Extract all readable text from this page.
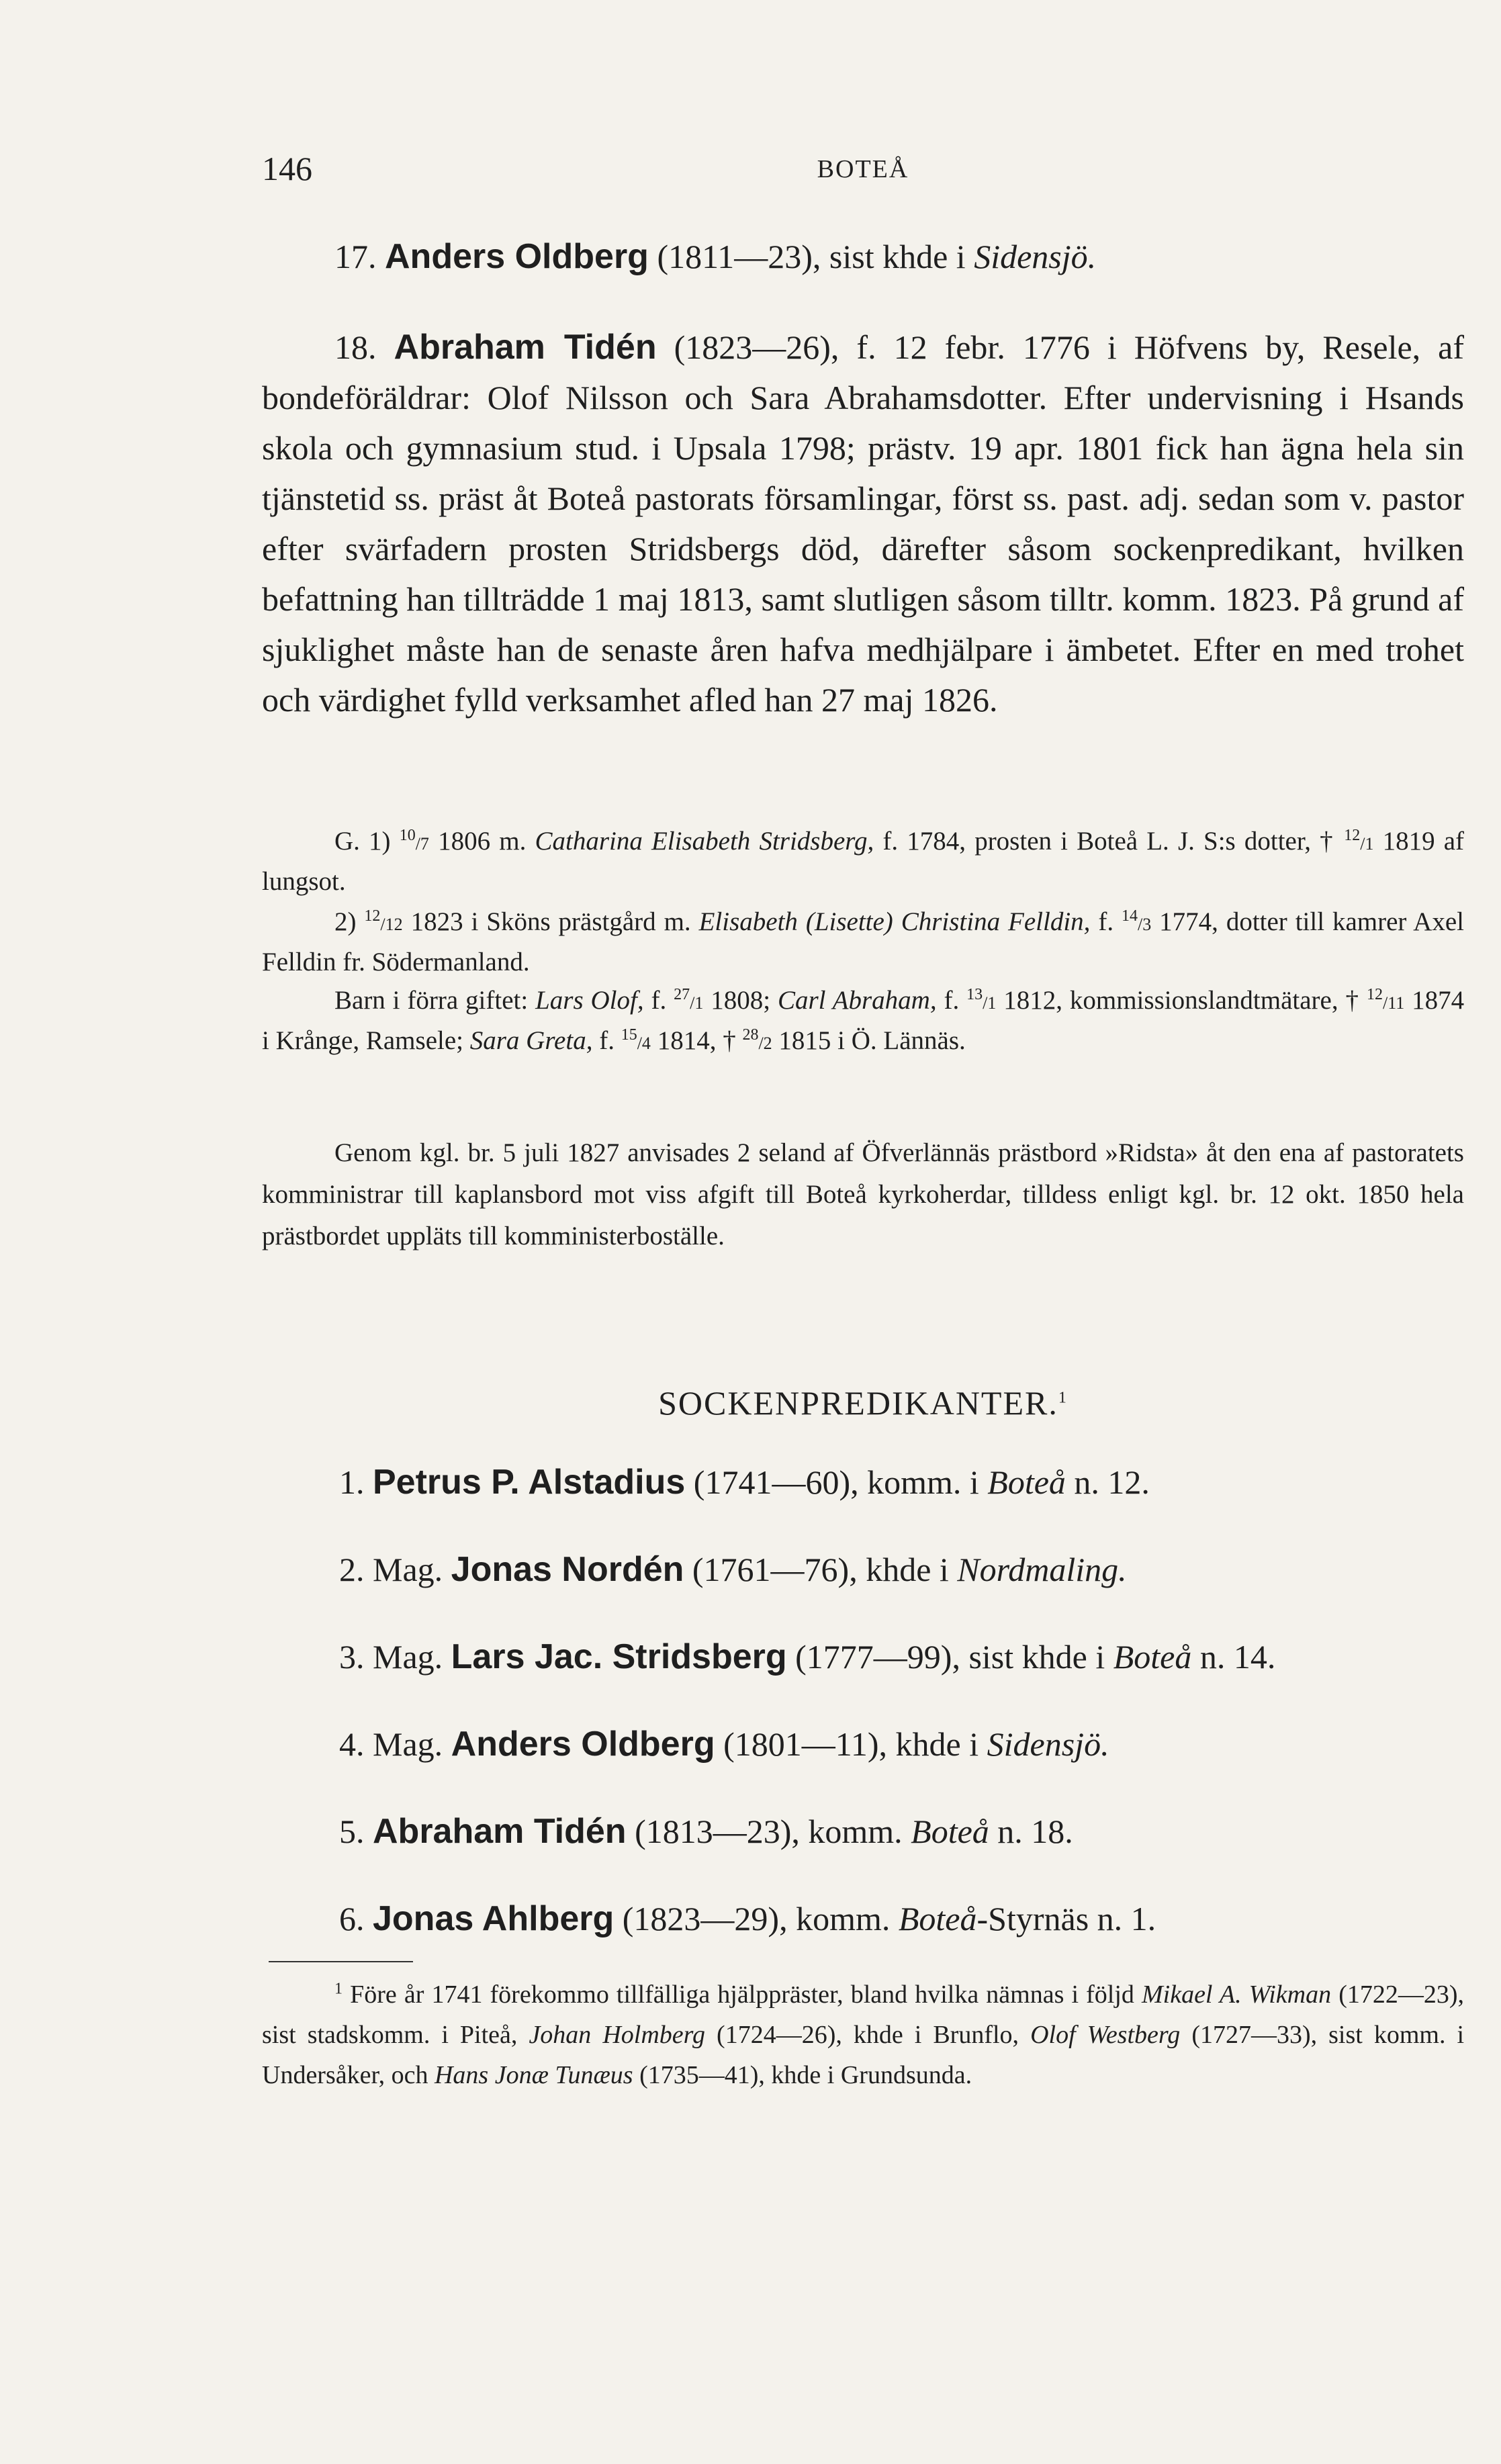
146	BOTEÅ
17. Anders Oldberg (1811—23), sist khde i Sidensjö.
18. Abraham Tidén (1823—26), f. 12 febr. 1776 i Höfvens by, Resele, af bondeföräldrar: Olof Nilsson och Sara Abrahamsdotter. Efter undervisning i Hsands skola och gymnasium stud. i Upsala 1798; prästv. 19 apr. 1801 fick han ägna hela sin tjänstetid ss. präst åt Boteå pastorats församlingar, först ss. past. adj. sedan som v. pastor efter svärfadern prosten Stridsbergs död, därefter såsom sockenpredikant, hvilken befattning han tillträdde 1 maj 1813, samt slutligen såsom tilltr. komm. 1823. På grund af sjuklighet måste han de senaste åren hafva medhjälpare i ämbetet. Efter en med trohet och värdighet fylld verksamhet afled han 27 maj 1826.
G. 1) $^{10}$/7 1806 m. Catharina Elisabeth Stridsberg, f. 1784, prosten i Boteå L. J. S:s dotter, † $^{12}$/1 1819 af lungsot.
2) $^{12}$/12 1823 i Sköns prästgård m. Elisabeth (Lisette) Christina Felldin, f. $^{14}$/3 1774, dotter till kamrer Axel Felldin fr. Södermanland.
Barn i förra giftet: Lars Olof, f. $^{27}$/1 1808; Carl Abraham, f. $^{13}$/1 1812, kommissionslandtmätare, † $^{12}$/11 1874 i Krånge, Ramsele; Sara Greta, f. $^{15}$/4 1814, † $^{28}$/2 1815 i Ö. Lännäs.
Genom kgl. br. 5 juli 1827 anvisades 2 seland af Öfverlännäs prästbord »Ridsta» åt den ena af pastoratets komministrar till kaplansbord mot viss afgift till Boteå kyrkoherdar, tilldess enligt kgl. br. 12 okt. 1850 hela prästbordet uppläts till komministerboställe.
SOCKENPREDIKANTER.$^1$
1. Petrus P. Alstadius (1741—60), komm. i Boteå n. 12.
2. Mag. Jonas Nordén (1761—76), khde i Nordmaling.
3. Mag. Lars Jac. Stridsberg (1777—99), sist khde i Boteå n. 14.
4. Mag. Anders Oldberg (1801—11), khde i Sidensjö.
5. Abraham Tidén (1813—23), komm. Boteå n. 18.
6. Jonas Ahlberg (1823—29), komm. Boteå-Styrnäs n. 1.
$^1$ Före år 1741 förekommo tillfälliga hjälppräster, bland hvilka nämnas i följd Mikael A. Wikman (1722—23), sist stadskomm. i Piteå, Johan Holmberg (1724—26), khde i Brunflo, Olof Westberg (1727—33), sist komm. i Undersåker, och Hans Jonæ Tunæus (1735—41), khde i Grundsunda.
